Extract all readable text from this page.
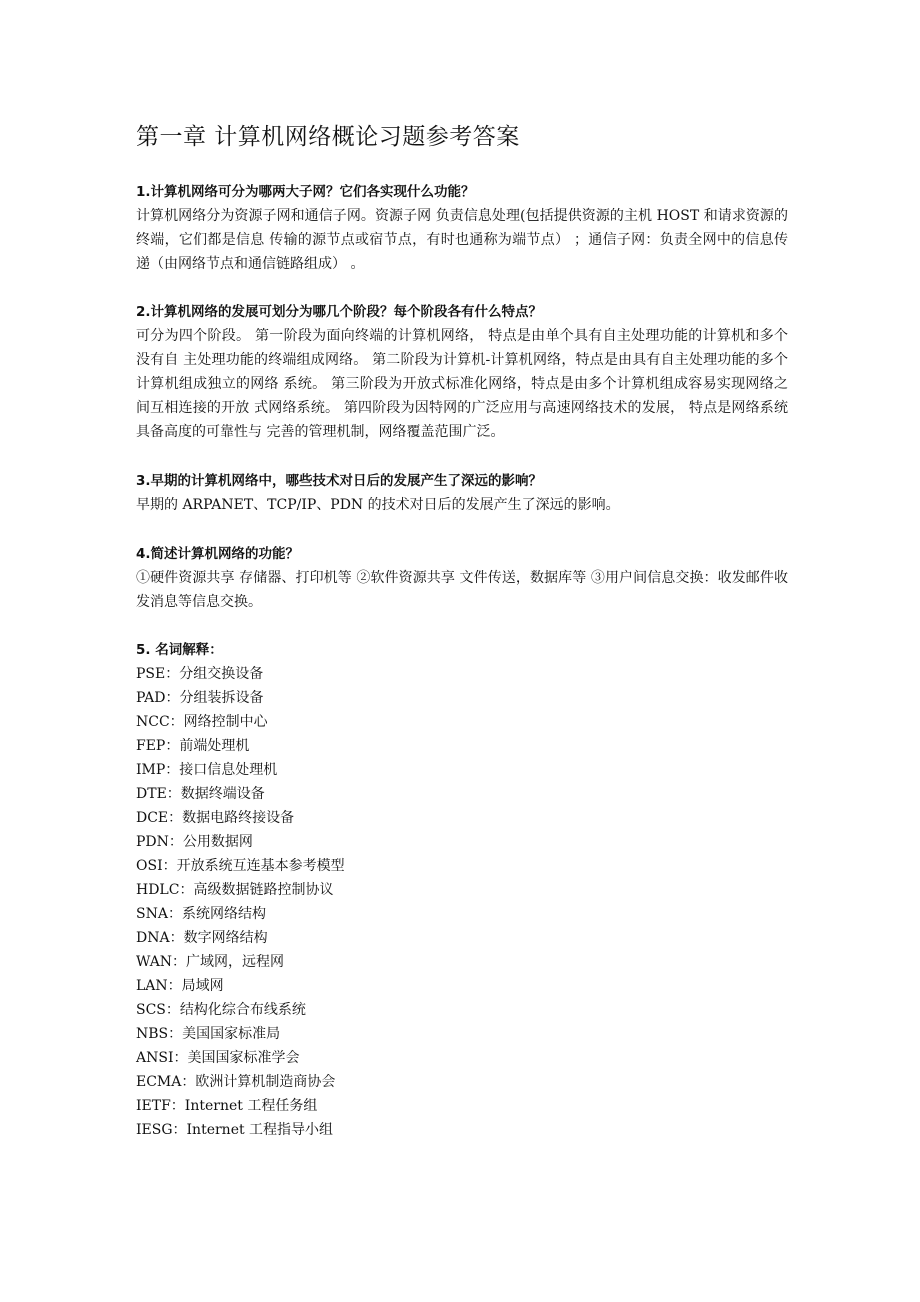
第一章 计算机网络概论习题参考答案
1.计算机网络可分为哪两大子网？它们各实现什么功能？
计算机网络分为资源子网和通信子网。资源子网 负责信息处理(包括提供资源的主机 HOST 和请求资源的终端，它们都是信息 传输的源节点或宿节点，有时也通称为端节点） ；通信子网：负责全网中的信息传递（由网络节点和通信链路组成） 。
2.计算机网络的发展可划分为哪几个阶段？每个阶段各有什么特点？
可分为四个阶段。 第一阶段为面向终端的计算机网络， 特点是由单个具有自主处理功能的计算机和多个没有自 主处理功能的终端组成网络。 第二阶段为计算机-计算机网络，特点是由具有自主处理功能的多个计算机组成独立的网络 系统。 第三阶段为开放式标准化网络，特点是由多个计算机组成容易实现网络之间互相连接的开放 式网络系统。 第四阶段为因特网的广泛应用与高速网络技术的发展， 特点是网络系统具备高度的可靠性与 完善的管理机制，网络覆盖范围广泛。
3.早期的计算机网络中，哪些技术对日后的发展产生了深远的影响？
早期的 ARPANET、TCP/IP、PDN 的技术对日后的发展产生了深远的影响。
4.简述计算机网络的功能？
①硬件资源共享 存储器、打印机等 ②软件资源共享 文件传送，数据库等 ③用户间信息交换：收发邮件收发消息等信息交换。
5. 名词解释：
PSE：分组交换设备
PAD：分组装拆设备
NCC：网络控制中心
FEP：前端处理机
IMP：接口信息处理机
DTE：数据终端设备
DCE：数据电路终接设备
PDN：公用数据网
OSI：开放系统互连基本参考模型
HDLC：高级数据链路控制协议
SNA：系统网络结构
DNA：数字网络结构
WAN：广域网，远程网
LAN：局域网
SCS：结构化综合布线系统
NBS：美国国家标准局
ANSI：美国国家标准学会
ECMA：欧洲计算机制造商协会
IETF：Internet 工程任务组
IESG：Internet 工程指导小组
